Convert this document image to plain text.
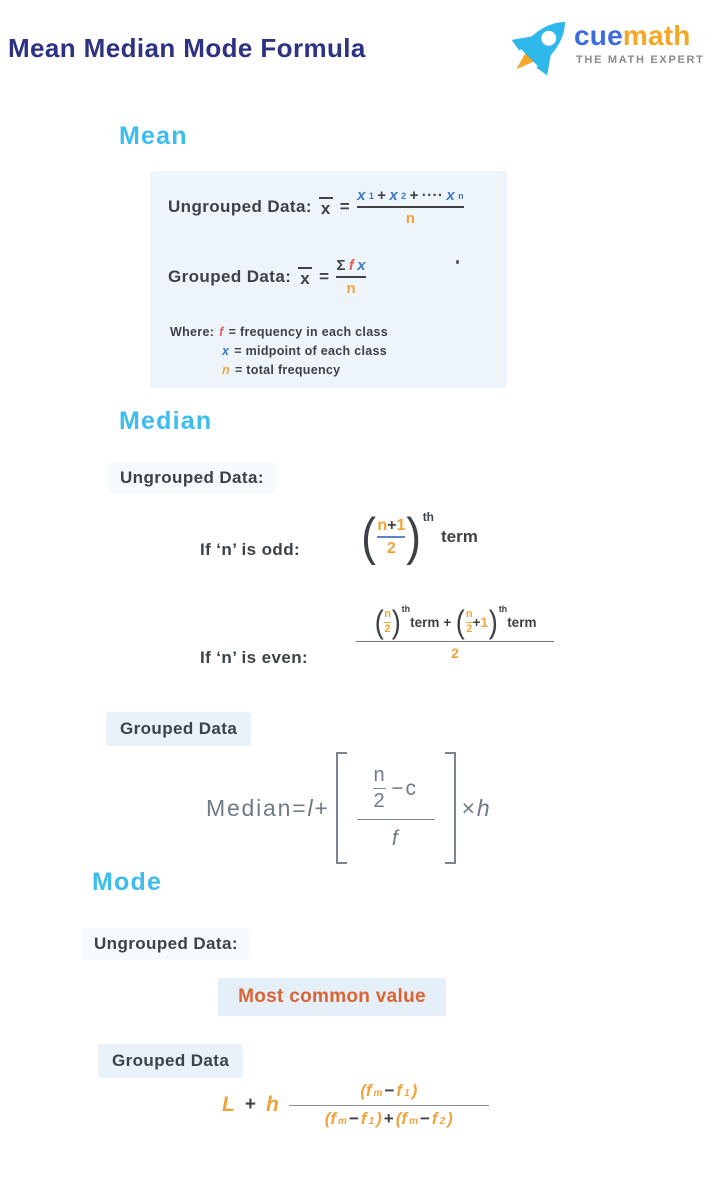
Mean Median Mode Formula	cuemath
THE MATH EXPERT
Mean
Ungrouped Data: x =
x $_1$ + x $_2$ + ···· x $_n$
n
Grouped Data: $x = \frac{\text{Σ f x}}{n}$
Where: f = frequency in each class
x = midpoint of each class
n = total frequency
Median
Ungrouped Data:
If ‘n’ is odd: ( n+1
2 ) th
term
If ‘n’ is even:
( n
2 ) th
term + ( n
2 + 1 ) th
term
2
Grouped Data
Median = l +
n
2
−c
f
×h
Mode
Ungrouped Data:
Most common value
Grouped Data
L + h
($f_m - f_1$ )
($f_m - f_1$ ) + ($f_m - f_2$ )
